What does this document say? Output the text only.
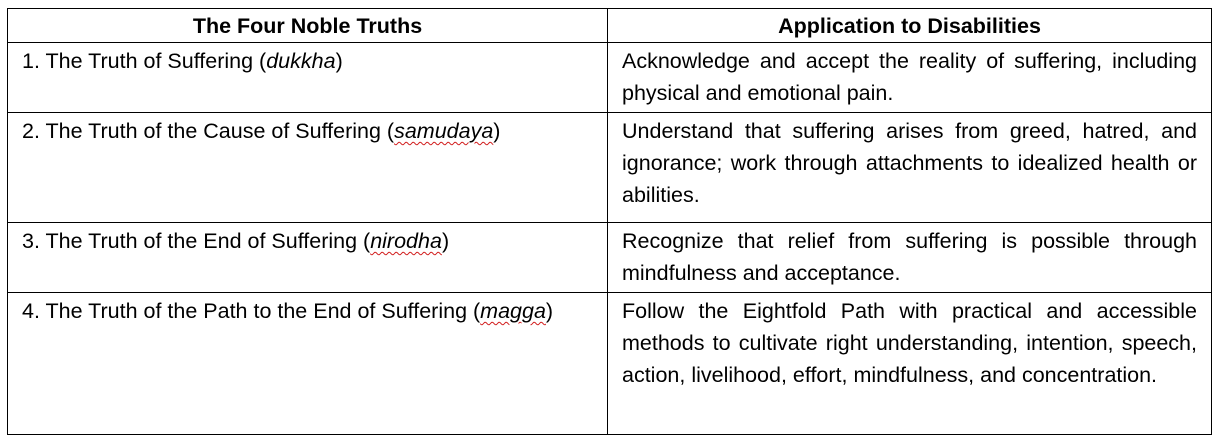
The Four Noble Truths	Application to Disabilities
1. The Truth of Suffering (dukkha)	Acknowledge and accept the reality of suffering, including physical and emotional pain.
2. The Truth of the Cause of Suffering (samudaya)	Understand that suffering arises from greed, hatred, and ignorance; work through attachments to idealized health or abilities.
3. The Truth of the End of Suffering (nirodha)	Recognize that relief from suffering is possible through mindfulness and acceptance.
4. The Truth of the Path to the End of Suffering (magga)	Follow the Eightfold Path with practical and accessible methods to cultivate right understanding, intention, speech, action, livelihood, effort, mindfulness, and concentration.
